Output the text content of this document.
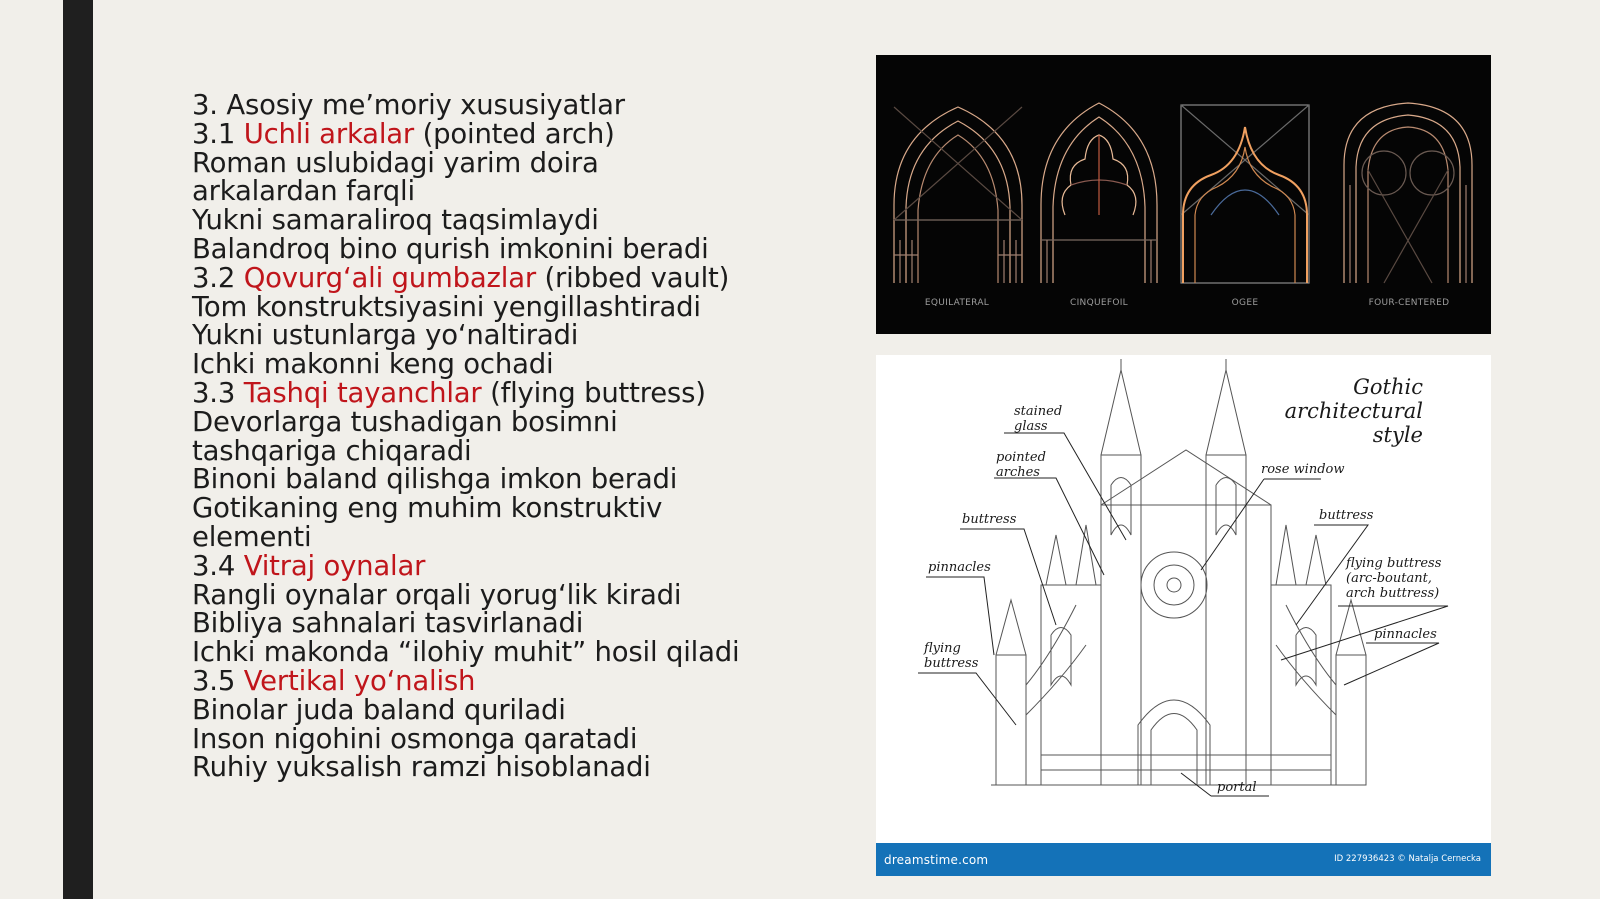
3. Asosiy me’moriy xususiyatlar
3.1 Uchli arkalar (pointed arch)
Roman uslubidagi yarim doira
arkalardan farqli
Yukni samaraliroq taqsimlaydi
Balandroq bino qurish imkonini beradi
3.2 Qovurg‘ali gumbazlar (ribbed vault)
Tom konstruktsiyasini yengillashtiradi
Yukni ustunlarga yo‘naltiradi
Ichki makonni keng ochadi
3.3 Tashqi tayanchlar (flying buttress)
Devorlarga tushadigan bosimni
tashqariga chiqaradi
Binoni baland qilishga imkon beradi
Gotikaning eng muhim konstruktiv
elementi
3.4 Vitraj oynalar
Rangli oynalar orqali yorug‘lik kiradi
Bibliya sahnalari tasvirlanadi
Ichki makonda “ilohiy muhit” hosil qiladi
3.5 Vertikal yo‘nalish
Binolar juda baland quriladi
Inson nigohini osmonga qaratadi
Ruhiy yuksalish ramzi hisoblanadi
EQUILATERAL	CINQUEFOIL	OGEE	FOUR-CENTERED
Gothic
architectural
style
stained
glass
pointed
arches	rose window
buttress	buttress
pinnacles	flying buttress
(arc-boutant,
arch buttress)
flying
buttress
pinnacles
portal
dreamstime.com	ID 227936423 © Natalja Cernecka
